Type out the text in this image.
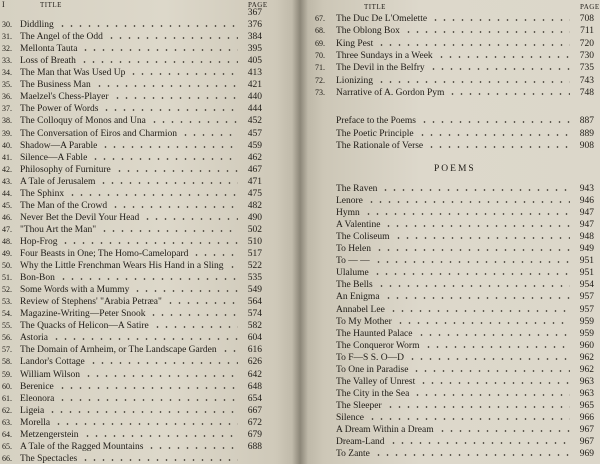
I	TITLE	PAGE
367
30. Diddling	376
31. The Angel of the Odd	384
32. Mellonta Tauta	395
33. Loss of Breath	405
34. The Man that Was Used Up	413
35. The Business Man	421
36. Maelzel's Chess-Player	440
37. The Power of Words	444
38. The Colloquy of Monos and Una	452
39. The Conversation of Eiros and Charmion	457
40. Shadow—A Parable	459
41. Silence—A Fable	462
42. Philosophy of Furniture	467
43. A Tale of Jerusalem	471
44. The Sphinx	475
45. The Man of the Crowd	482
46. Never Bet the Devil Your Head	490
47. "Thou Art the Man"	502
48. Hop-Frog	510
49. Four Beasts in One; The Homo-Camelopard	517
50. Why the Little Frenchman Wears His Hand in a Sling	522
51. Bon-Bon	535
52. Some Words with a Mummy	549
53. Review of Stephens' "Arabia Petræa"	564
54. Magazine-Writing—Peter Snook	574
55. The Quacks of Helicon—A Satire	582
56. Astoria	604
57. The Domain of Arnheim, or The Landscape Garden	616
58. Landor's Cottage	626
59. William Wilson	642
60. Berenice	648
61. Eleonora	654
62. Ligeia	667
63. Morella	672
64. Metzengerstein	679
65. A Tale of the Ragged Mountains	688
66. The Spectacles
TITLE	PAGE
67. The Duc De L'Omelette	708
68. The Oblong Box	711
69. King Pest	720
70. Three Sundays in a Week	730
71. The Devil in the Belfry	735
72. Lionizing	743
73. Narrative of A. Gordon Pym	748
Preface to the Poems	887
The Poetic Principle	889
The Rationale of Verse	908
POEMS
The Raven	943
Lenore	946
Hymn	947
A Valentine	947
The Coliseum	948
To Helen	949
To — —	951
Ulalume	951
The Bells	954
An Enigma	957
Annabel Lee	957
To My Mother	959
The Haunted Palace	959
The Conqueror Worm	960
To F—S S. O—D	962
To One in Paradise	962
The Valley of Unrest	963
The City in the Sea	963
The Sleeper	965
Silence	966
A Dream Within a Dream	967
Dream-Land	967
To Zante	969
